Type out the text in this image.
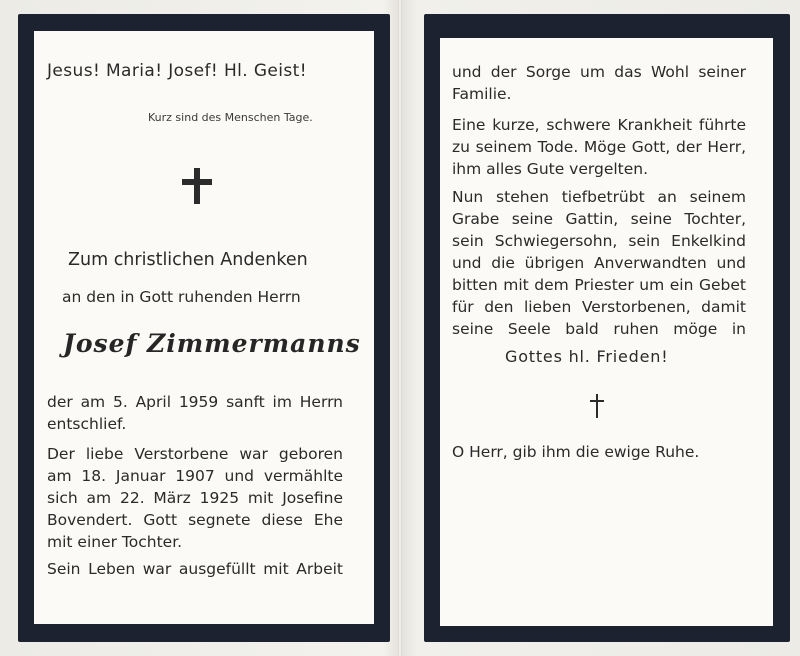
Jesus! Maria! Josef! Hl. Geist!
Kurz sind des Menschen Tage.
Zum christlichen Andenken
an den in Gott ruhenden Herrn
Josef Zimmermanns
der am 5. April 1959 sanft im Herrn
entschlief.
Der liebe Verstorbene war geboren
am 18. Januar 1907 und vermählte
sich am 22. März 1925 mit Josefine
Bovendert. Gott segnete diese Ehe
mit einer Tochter.
Sein Leben war ausgefüllt mit Arbeit
und der Sorge um das Wohl seiner
Familie.
Eine kurze, schwere Krankheit führte
zu seinem Tode. Möge Gott, der Herr,
ihm alles Gute vergelten.
Nun stehen tiefbetrübt an seinem
Grabe seine Gattin, seine Tochter,
sein Schwiegersohn, sein Enkelkind
und die übrigen Anverwandten und
bitten mit dem Priester um ein Gebet
für den lieben Verstorbenen, damit
seine Seele bald ruhen möge in
Gottes hl. Frieden!
O Herr, gib ihm die ewige Ruhe.
